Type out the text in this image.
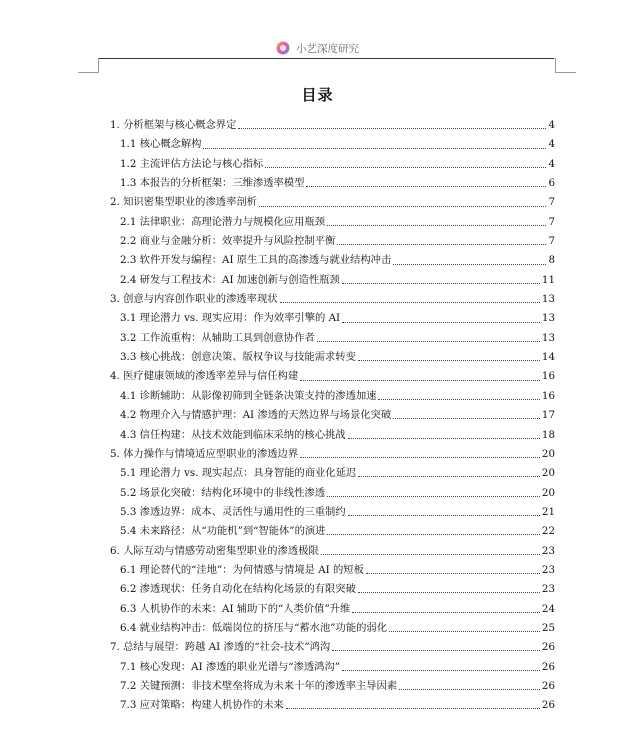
小艺深度研究
目录
1. 分析框架与核心概念界定	4
1.1 核心概念解构	4
1.2 主流评估方法论与核心指标	4
1.3 本报告的分析框架：三维渗透率模型	6
2. 知识密集型职业的渗透率剖析	7
2.1 法律职业：高理论潜力与规模化应用瓶颈	7
2.2 商业与金融分析：效率提升与风险控制平衡	7
2.3 软件开发与编程：AI 原生工具的高渗透与就业结构冲击	8
2.4 研发与工程技术：AI 加速创新与创造性瓶颈	11
3. 创意与内容创作职业的渗透率现状	13
3.1 理论潜力 vs. 现实应用：作为效率引擎的 AI	13
3.2 工作流重构：从辅助工具到创意协作者	13
3.3 核心挑战：创意决策、版权争议与技能需求转变	14
4. 医疗健康领域的渗透率差异与信任构建	16
4.1 诊断辅助：从影像初筛到全链条决策支持的渗透加速	16
4.2 物理介入与情感护理：AI 渗透的天然边界与场景化突破	17
4.3 信任构建：从技术效能到临床采纳的核心挑战	18
5. 体力操作与情境适应型职业的渗透边界	20
5.1 理论潜力 vs. 现实起点：具身智能的商业化延迟	20
5.2 场景化突破：结构化环境中的非线性渗透	20
5.3 渗透边界：成本、灵活性与通用性的三重制约	21
5.4 未来路径：从“功能机”到“智能体”的演进	22
6. 人际互动与情感劳动密集型职业的渗透极限	23
6.1 理论替代的“洼地”：为何情感与情境是 AI 的短板	23
6.2 渗透现状：任务自动化在结构化场景的有限突破	23
6.3 人机协作的未来：AI 辅助下的“人类价值”升维	24
6.4 就业结构冲击：低端岗位的挤压与“蓄水池”功能的弱化	25
7. 总结与展望：跨越 AI 渗透的“社会-技术”鸿沟	26
7.1 核心发现：AI 渗透的职业光谱与“渗透鸿沟”	26
7.2 关键预测：非技术壁垒将成为未来十年的渗透率主导因素	26
7.3 应对策略：构建人机协作的未来	26
